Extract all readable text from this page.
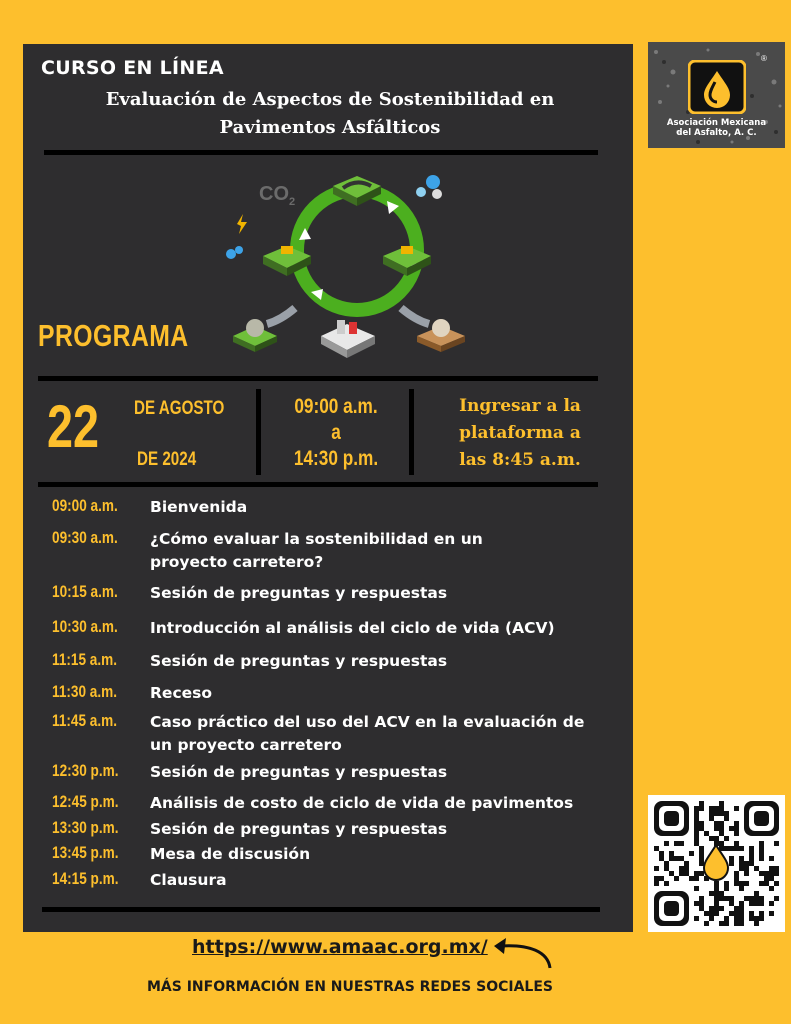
CURSO EN LÍNEA
Evaluación de Aspectos de Sostenibilidad en
Pavimentos Asfálticos
$CO_2$
PROGRAMA
22 DE AGOSTO
DE 2024
09:00 a.m.
a
14:30 p.m.
Ingresar a la
plataforma a
las 8:45 a.m.
09:00 a.m. Bienvenida
09:30 a.m. ¿Cómo evaluar la sostenibilidad en un proyecto carretero?
10:15 a.m. Sesión de preguntas y respuestas
10:30 a.m. Introducción al análisis del ciclo de vida (ACV)
11:15 a.m. Sesión de preguntas y respuestas
11:30 a.m. Receso
11:45 a.m. Caso práctico del uso del ACV en la evaluación de un proyecto carretero
12:30 p.m. Sesión de preguntas y respuestas
12:45 p.m. Análisis de costo de ciclo de vida de pavimentos
13:30 p.m. Sesión de preguntas y respuestas
13:45 p.m. Mesa de discusión
14:15 p.m. Clausura
®
Asociación Mexicana
del Asfalto, A. C.
https://www.amaac.org.mx/
MÁS INFORMACIÓN EN NUESTRAS REDES SOCIALES
